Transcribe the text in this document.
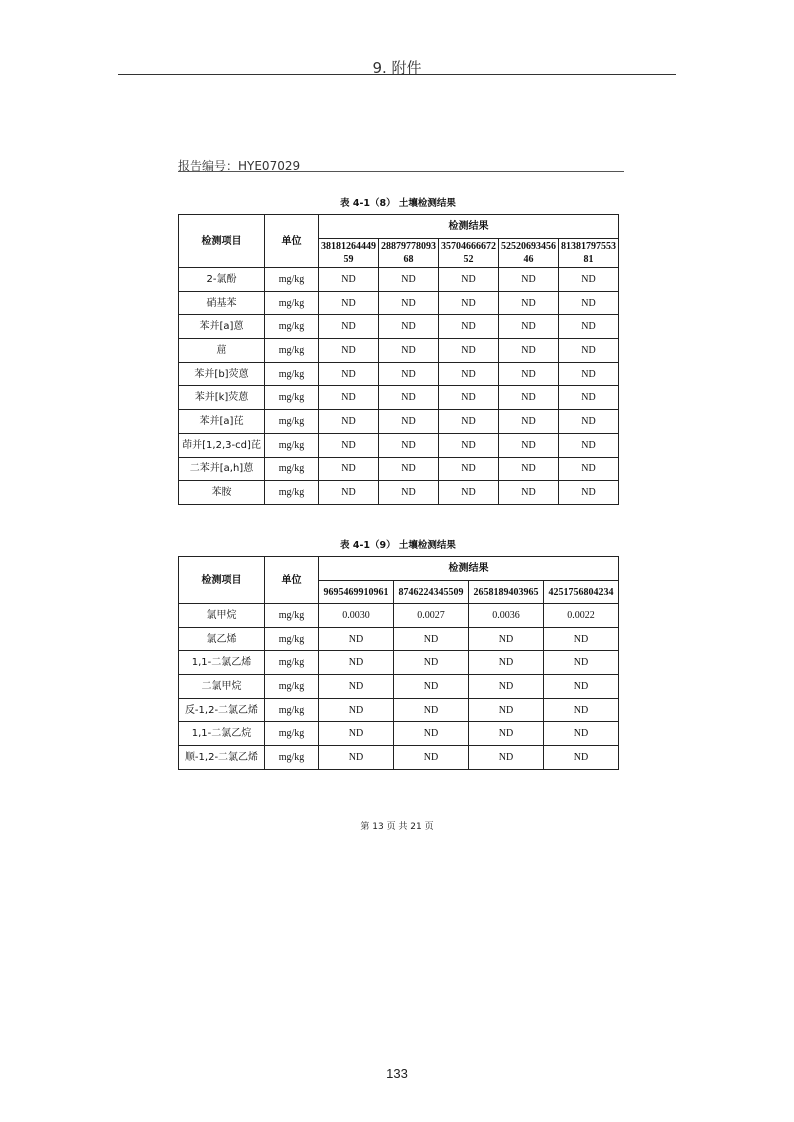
9. 附件
报告编号：HYE07029
表 4-1（8） 土壤检测结果
检测项目	单位	检测结果				
		3818126444959	2887977809368	3570466667252	5252069345646	8138179755381
2-氯酚	mg/kg	ND	ND	ND	ND	ND
硝基苯	mg/kg	ND	ND	ND	ND	ND
苯并[a]蒽	mg/kg	ND	ND	ND	ND	ND
䓛	mg/kg	ND	ND	ND	ND	ND
苯并[b]荧蒽	mg/kg	ND	ND	ND	ND	ND
苯并[k]荧蒽	mg/kg	ND	ND	ND	ND	ND
苯并[a]芘	mg/kg	ND	ND	ND	ND	ND
茚并[1,2,3-cd]芘	mg/kg	ND	ND	ND	ND	ND
二苯并[a,h]蒽	mg/kg	ND	ND	ND	ND	ND
苯胺	mg/kg	ND	ND	ND	ND	ND
表 4-1（9） 土壤检测结果
检测项目	单位	检测结果			
		9695469910961	8746224345509	2658189403965	4251756804234
氯甲烷	mg/kg	0.0030	0.0027	0.0036	0.0022
氯乙烯	mg/kg	ND	ND	ND	ND
1,1-二氯乙烯	mg/kg	ND	ND	ND	ND
二氯甲烷	mg/kg	ND	ND	ND	ND
反-1,2-二氯乙烯	mg/kg	ND	ND	ND	ND
1,1-二氯乙烷	mg/kg	ND	ND	ND	ND
顺-1,2-二氯乙烯	mg/kg	ND	ND	ND	ND
第 13 页 共 21 页
133
